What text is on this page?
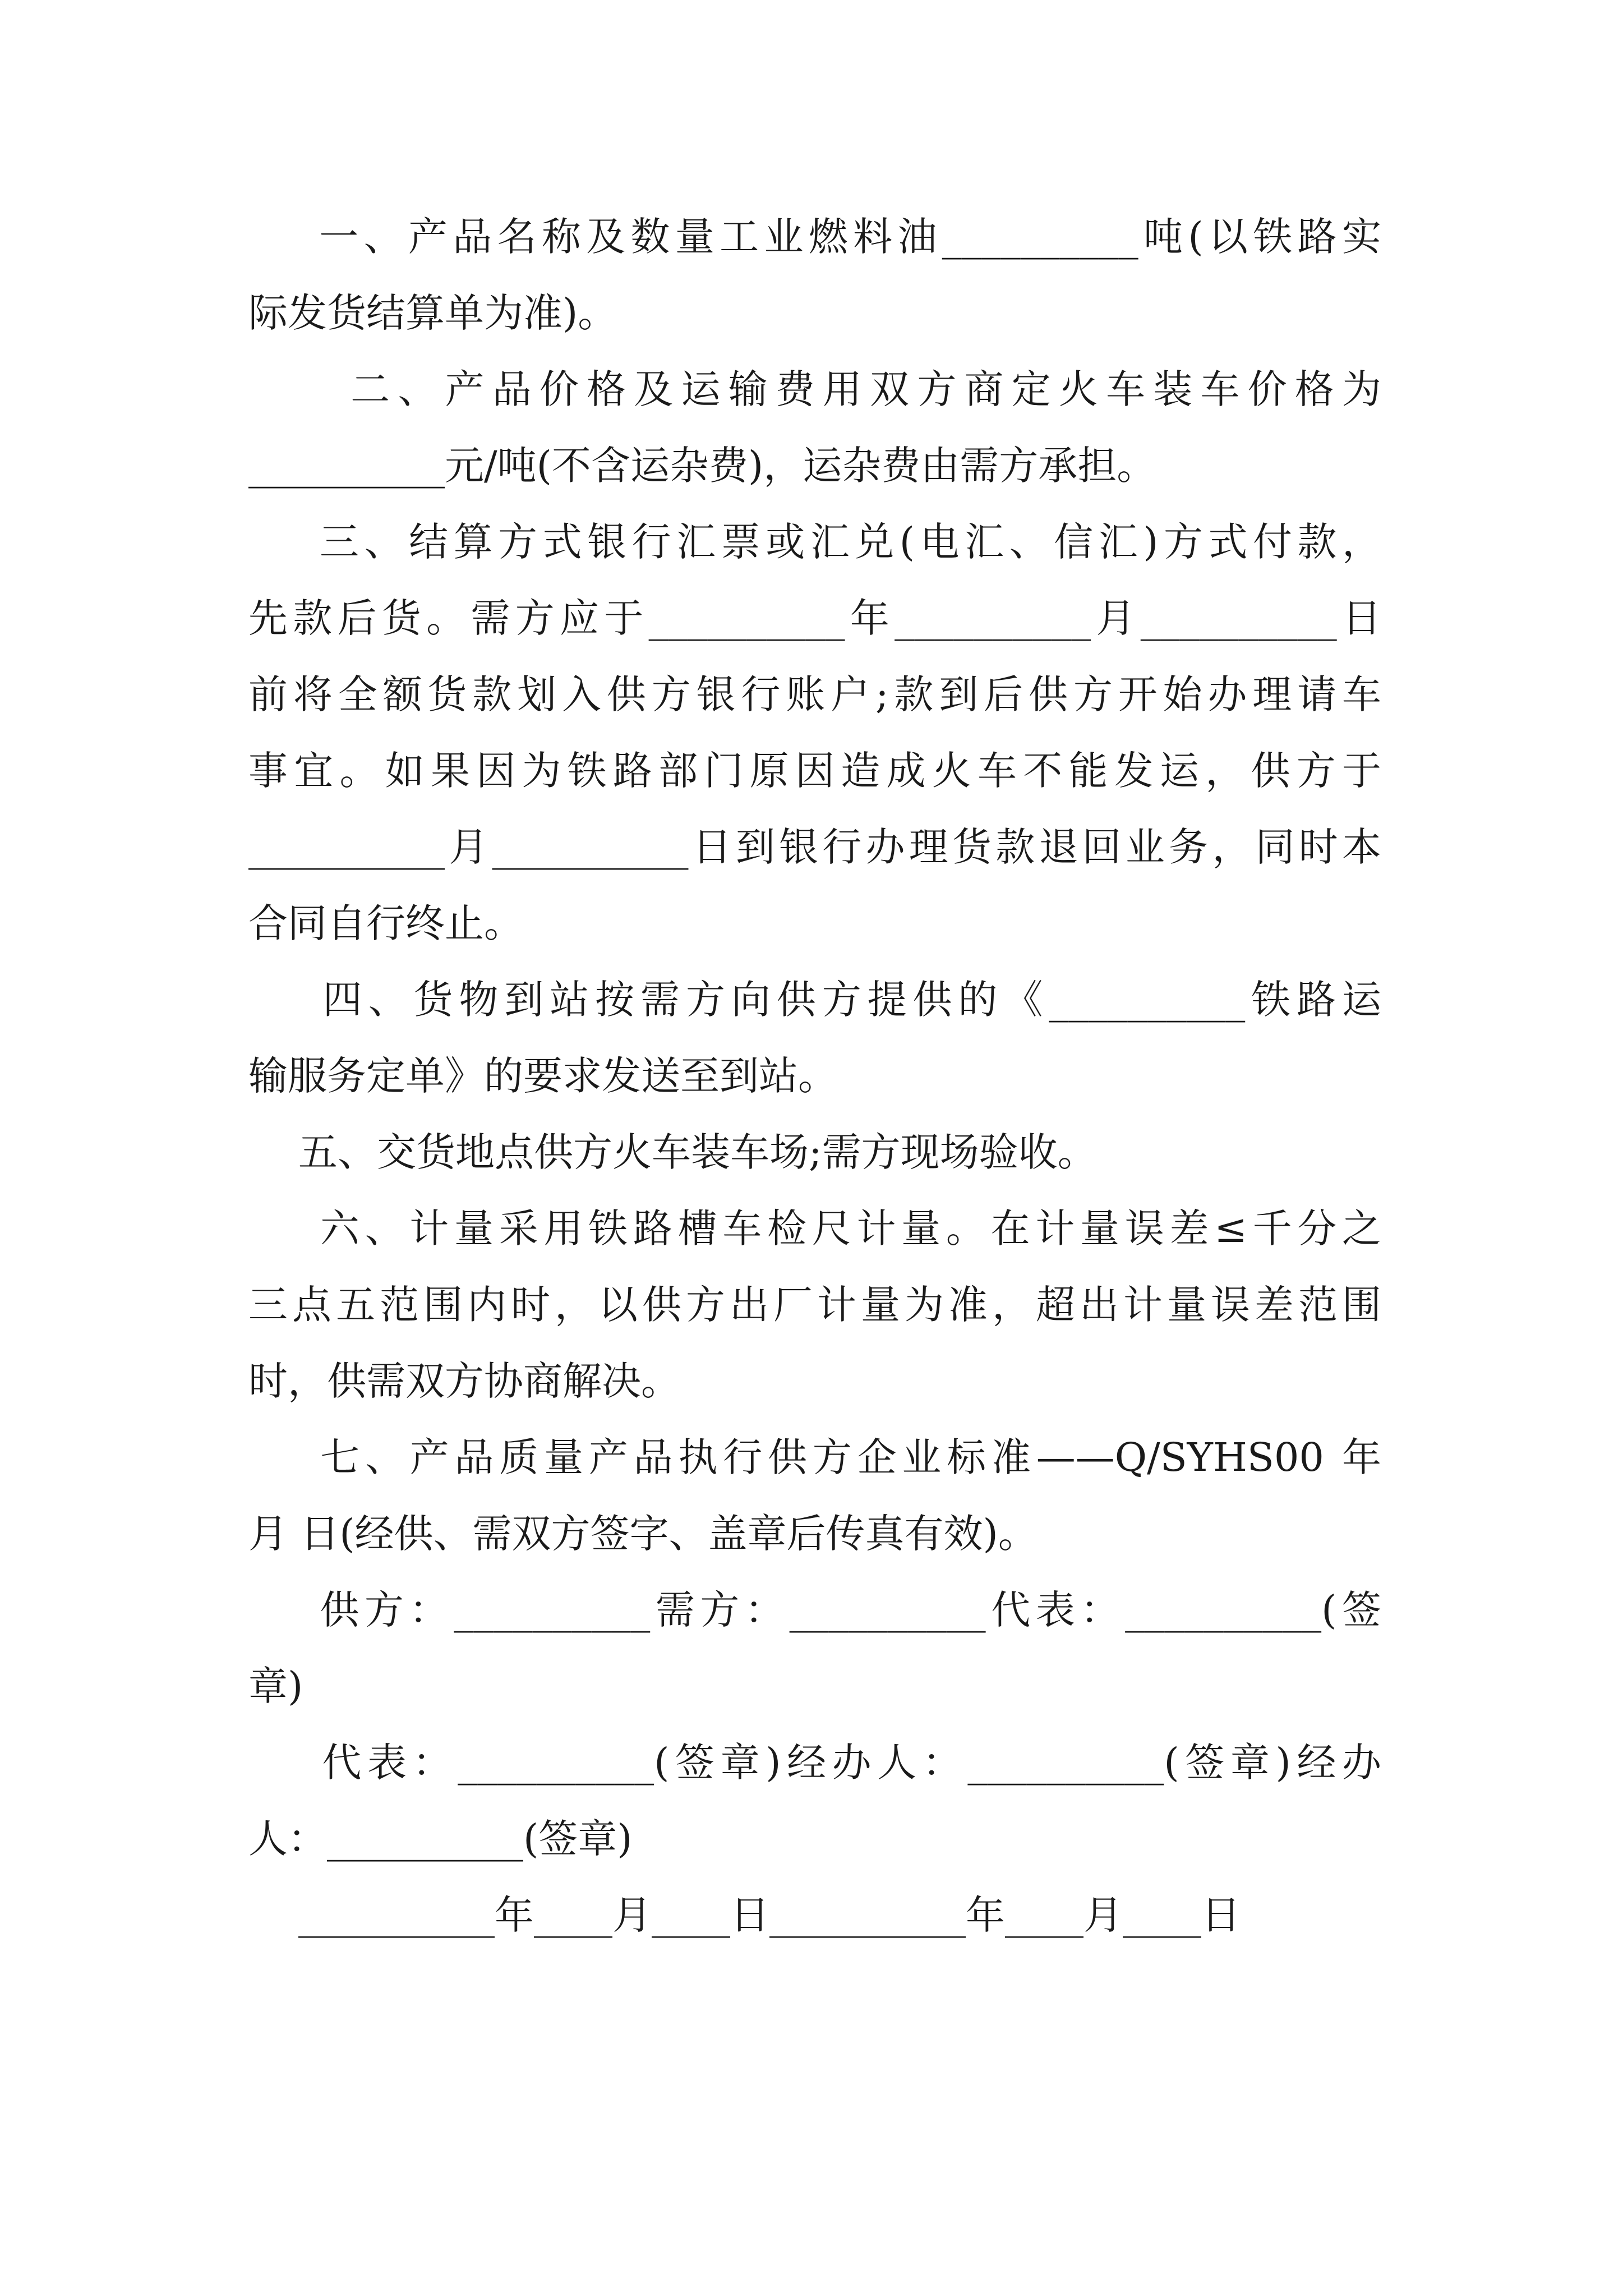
一、产品名称及数量工业燃料油__________吨(以铁路实
际发货结算单为准)。
二、产品价格及运输费用双方商定火车装车价格为
__________元/吨(不含运杂费)，运杂费由需方承担。
三、结算方式银行汇票或汇兑(电汇、信汇)方式付款，
先款后货。需方应于__________年__________月__________日
前将全额货款划入供方银行账户;款到后供方开始办理请车
事宜。如果因为铁路部门原因造成火车不能发运，供方于
__________月__________日到银行办理货款退回业务，同时本
合同自行终止。
四、货物到站按需方向供方提供的《__________铁路运
输服务定单》的要求发送至到站。
五、交货地点供方火车装车场;需方现场验收。
六、计量采用铁路槽车检尺计量。在计量误差≤千分之
三点五范围内时，以供方出厂计量为准，超出计量误差范围
时，供需双方协商解决。
七、产品质量产品执行供方企业标准——Q/SYHS00 年
月 日(经供、需双方签字、盖章后传真有效)。
供方：__________需方：__________代表：__________(签
章)
代表：__________(签章)经办人：__________(签章)经办
人：__________(签章)
__________年____月____日__________年____月____日
